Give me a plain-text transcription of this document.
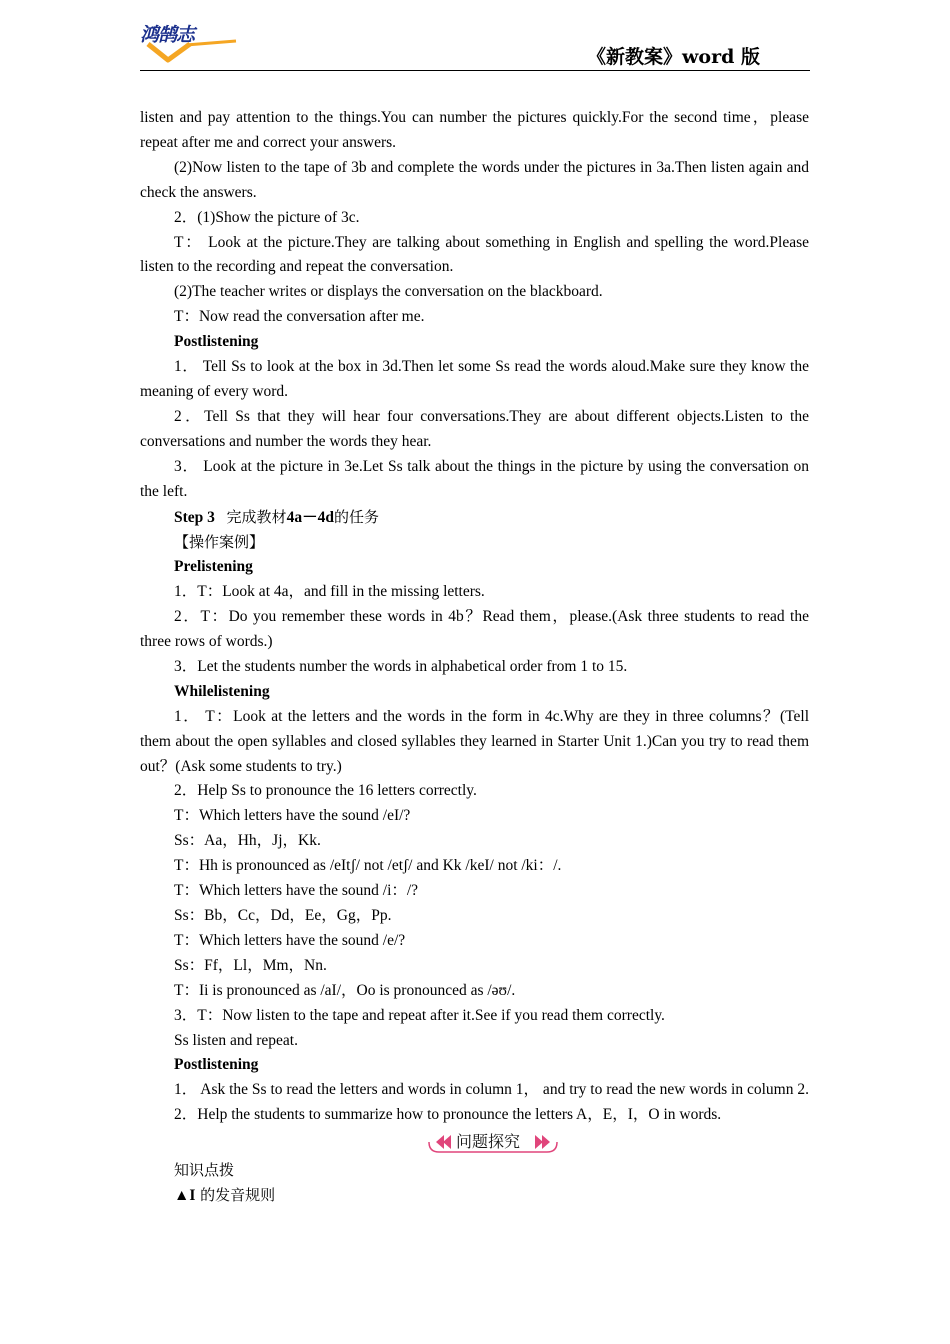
鸿鹄志
《新教案》word 版

listen and pay attention to the things.You can number the pictures quickly.For the second time，please repeat after me and correct your answers.

(2)Now listen to the tape of 3b and complete the words under the pictures in 3a.Then listen again and check the answers.

2．(1)Show the picture of 3c.

T： Look at the picture.They are talking about something in English and spelling the word.Please listen to the recording and repeat the conversation.

(2)The teacher writes or displays the conversation on the blackboard.

T：Now read the conversation after me.

Postlistening

1． Tell Ss to look at the box in 3d.Then let some Ss read the words aloud.Make sure they know the meaning of every word.

2．Tell Ss that they will hear four conversations.They are about different objects.Listen to the conversations and number the words they hear.

3． Look at the picture in 3e.Let Ss talk about the things in the picture by using the conversation on the left.

Step 3 完成教材4a－4d的任务

【操作案例】

Prelistening

1．T：Look at 4a，and fill in the missing letters.

2．T：Do you remember these words in 4b？Read them，please.(Ask three students to read the three rows of words.)

3．Let the students number the words in alphabetical order from 1 to 15.

Whilelistening

1． T：Look at the letters and the words in the form in 4c.Why are they in three columns？(Tell them about the open syllables and closed syllables they learned in Starter Unit 1.)Can you try to read them out？(Ask some students to try.)

2．Help Ss to pronounce the 16 letters correctly.

T：Which letters have the sound /eI/?

Ss：Aa，Hh，Jj，Kk.

T：Hh is pronounced as /eItʃ/ not /etʃ/ and Kk /keI/ not /ki：/.

T：Which letters have the sound /i：/?

Ss：Bb，Cc，Dd，Ee，Gg，Pp.

T：Which letters have the sound /e/?

Ss：Ff，Ll，Mm，Nn.

T：Ii is pronounced as /aI/，Oo is pronounced as /əʊ/.

3．T：Now listen to the tape and repeat after it.See if you read them correctly.

Ss listen and repeat.

Postlistening

1． Ask the Ss to read the letters and words in column 1， and try to read the new words in column 2.

2．Help the students to summarize how to pronounce the letters A，E，I，O in words.

问题探究

知识点拨

▲I 的发音规则
